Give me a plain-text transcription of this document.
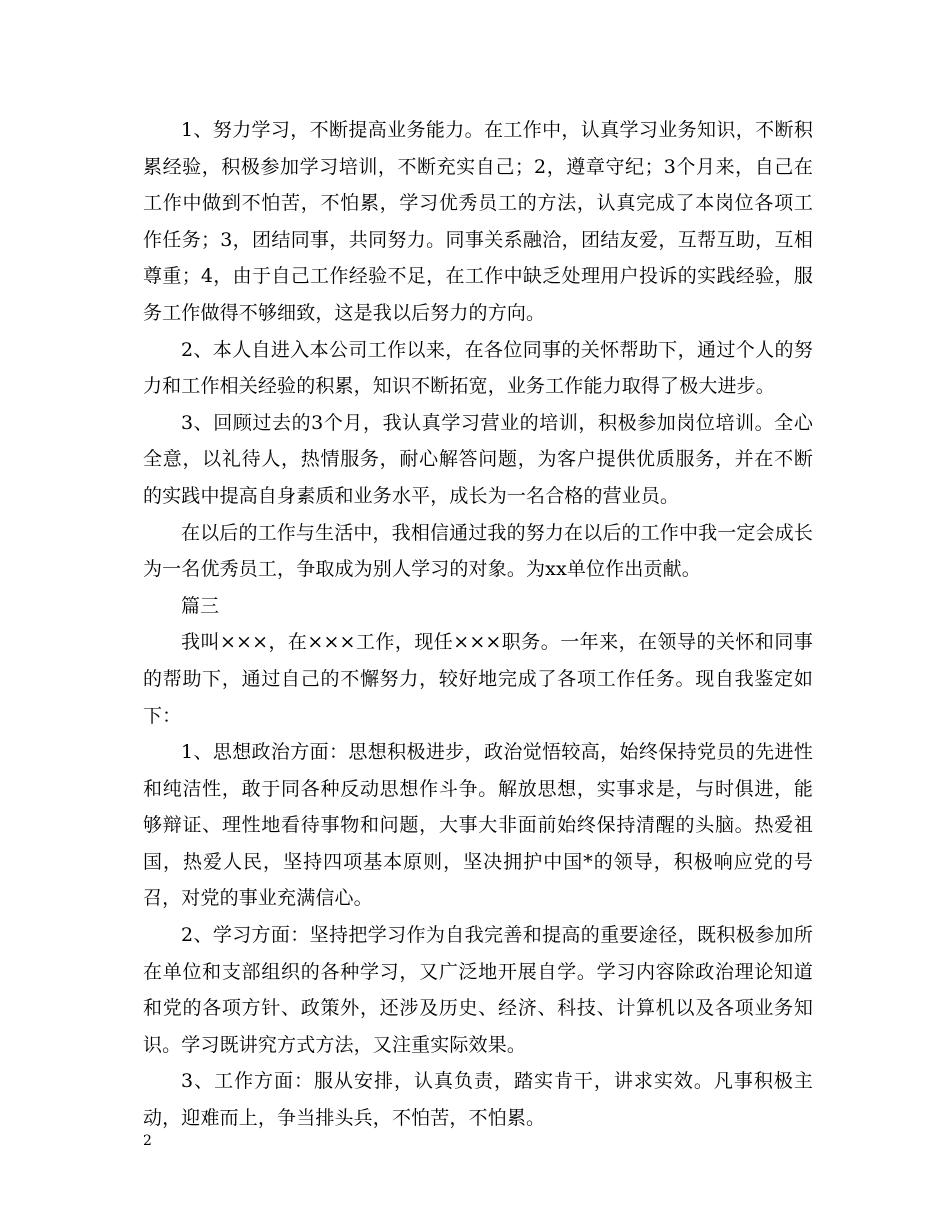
1、努力学习，不断提高业务能力。在工作中，认真学习业务知识，不断积累经验，积极参加学习培训，不断充实自己；2，遵章守纪；3个月来，自己在工作中做到不怕苦，不怕累，学习优秀员工的方法，认真完成了本岗位各项工作任务；3，团结同事，共同努力。同事关系融洽，团结友爱，互帮互助，互相尊重；4，由于自己工作经验不足，在工作中缺乏处理用户投诉的实践经验，服务工作做得不够细致，这是我以后努力的方向。

2、本人自进入本公司工作以来，在各位同事的关怀帮助下，通过个人的努力和工作相关经验的积累，知识不断拓宽，业务工作能力取得了极大进步。

3、回顾过去的3个月，我认真学习营业的培训，积极参加岗位培训。全心全意，以礼待人，热情服务，耐心解答问题，为客户提供优质服务，并在不断的实践中提高自身素质和业务水平，成长为一名合格的营业员。

在以后的工作与生活中，我相信通过我的努力在以后的工作中我一定会成长为一名优秀员工，争取成为别人学习的对象。为xx单位作出贡献。

篇三

我叫×××，在×××工作，现任×××职务。一年来，在领导的关怀和同事的帮助下，通过自己的不懈努力，较好地完成了各项工作任务。现自我鉴定如下：

1、思想政治方面：思想积极进步，政治觉悟较高，始终保持党员的先进性和纯洁性，敢于同各种反动思想作斗争。解放思想，实事求是，与时俱进，能够辩证、理性地看待事物和问题，大事大非面前始终保持清醒的头脑。热爱祖国，热爱人民，坚持四项基本原则，坚决拥护中国*的领导，积极响应党的号召，对党的事业充满信心。

2、学习方面：坚持把学习作为自我完善和提高的重要途径，既积极参加所在单位和支部组织的各种学习，又广泛地开展自学。学习内容除政治理论知道和党的各项方针、政策外，还涉及历史、经济、科技、计算机以及各项业务知识。学习既讲究方式方法，又注重实际效果。

3、工作方面：服从安排，认真负责，踏实肯干，讲求实效。凡事积极主动，迎难而上，争当排头兵，不怕苦，不怕累。

2
